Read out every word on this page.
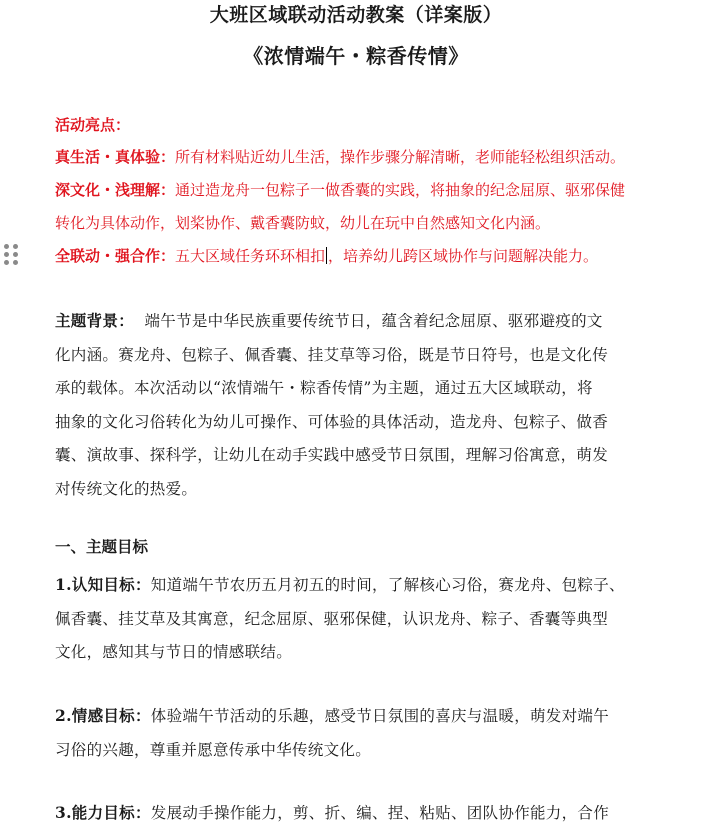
大班区域联动活动教案（详案版）
《浓情端午・粽香传情》
活动亮点：
真生活・真体验：所有材料贴近幼儿生活，操作步骤分解清晰，老师能轻松组织活动。
深文化・浅理解：通过造龙舟一包粽子一做香囊的实践，将抽象的纪念屈原、驱邪保健
转化为具体动作，划桨协作、戴香囊防蚊，幼儿在玩中自然感知文化内涵。
全联动・强合作：五大区域任务环环相扣 ，培养幼儿跨区域协作与问题解决能力。
主题背景： 端午节是中华民族重要传统节日，蕴含着纪念屈原、驱邪避疫的文
化内涵。赛龙舟、包粽子、佩香囊、挂艾草等习俗，既是节日符号，也是文化传
承的载体。本次活动以“浓情端午・粽香传情”为主题，通过五大区域联动，将
抽象的文化习俗转化为幼儿可操作、可体验的具体活动，造龙舟、包粽子、做香
囊、演故事、探科学，让幼儿在动手实践中感受节日氛围，理解习俗寓意，萌发
对传统文化的热爱。
一、主题目标
1.认知目标：知道端午节农历五月初五的时间，了解核心习俗，赛龙舟、包粽子、
佩香囊、挂艾草及其寓意，纪念屈原、驱邪保健，认识龙舟、粽子、香囊等典型
文化，感知其与节日的情感联结。
2.情感目标：体验端午节活动的乐趣，感受节日氛围的喜庆与温暖，萌发对端午
习俗的兴趣，尊重并愿意传承中华传统文化。
3.能力目标：发展动手操作能力，剪、折、编、捏、粘贴、团队协作能力，合作
